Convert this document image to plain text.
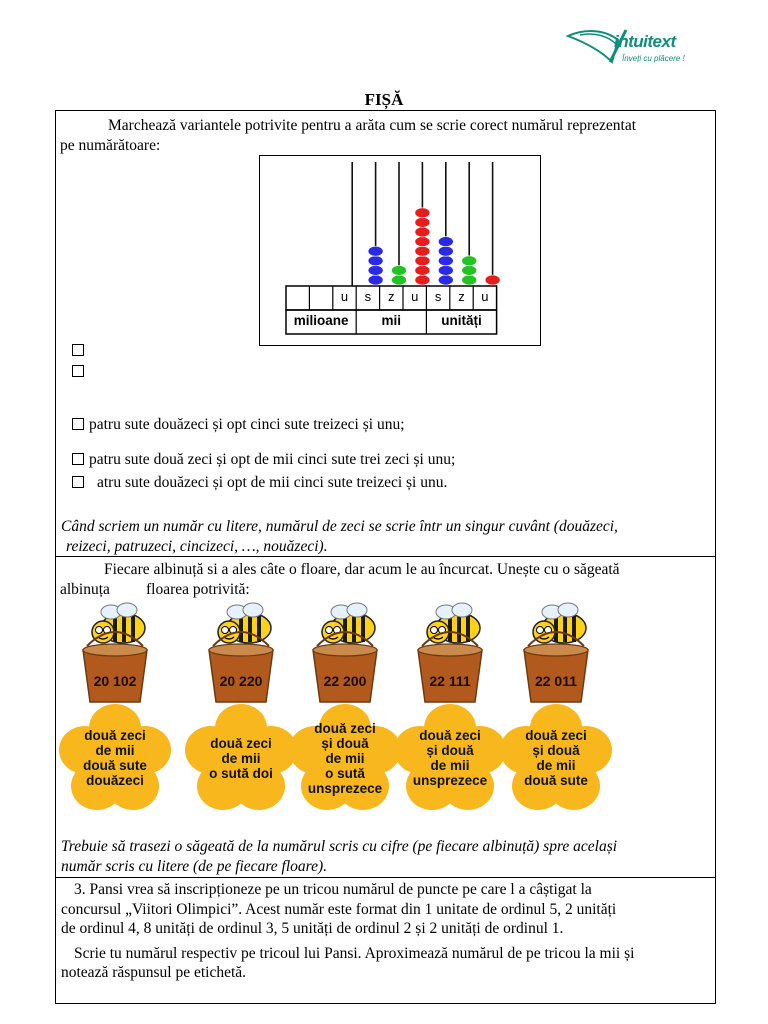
intuitext
Înveți cu plăcere !
FIȘĂ
Marchează variantele potrivite pentru a arăta cum se scrie corect numărul reprezentat
pe numărătoare:
u	s	z	u	s	z	u
milioane	mii	unități
patru sute douăzeci și opt cinci sute treizeci și unu;
patru sute două zeci și opt de mii cinci sute trei zeci și unu;
atru sute douăzeci și opt de mii cinci sute treizeci și unu.
Când scriem un număr cu litere, numărul de zeci se scrie într un singur cuvânt (douăzeci,
reizeci, patruzeci, cincizeci, …, nouăzeci).
Fiecare albinuță si a ales câte o floare, dar acum le au încurcat. Unește cu o săgeată
albinuța floarea potrivită:
20 102
două zeci
de mii
două sute
douăzeci
20 220
două zeci
de mii
o sută doi
22 200
două zeci
și două
de mii
o sută
unsprezece
22 111
două zeci
și două
de mii
unsprezece
22 011
două zeci
și două
de mii
două sute
Trebuie să trasezi o săgeată de la numărul scris cu cifre (pe fiecare albinuță) spre același
număr scris cu litere (de pe fiecare floare).
3. Pansi vrea să inscripționeze pe un tricou numărul de puncte pe care l a câștigat la
concursul „Viitori Olimpici”. Acest număr este format din 1 unitate de ordinul 5, 2 unități
de ordinul 4, 8 unități de ordinul 3, 5 unități de ordinul 2 și 2 unități de ordinul 1.
Scrie tu numărul respectiv pe tricoul lui Pansi. Aproximează numărul de pe tricou la mii și
notează răspunsul pe etichetă.
